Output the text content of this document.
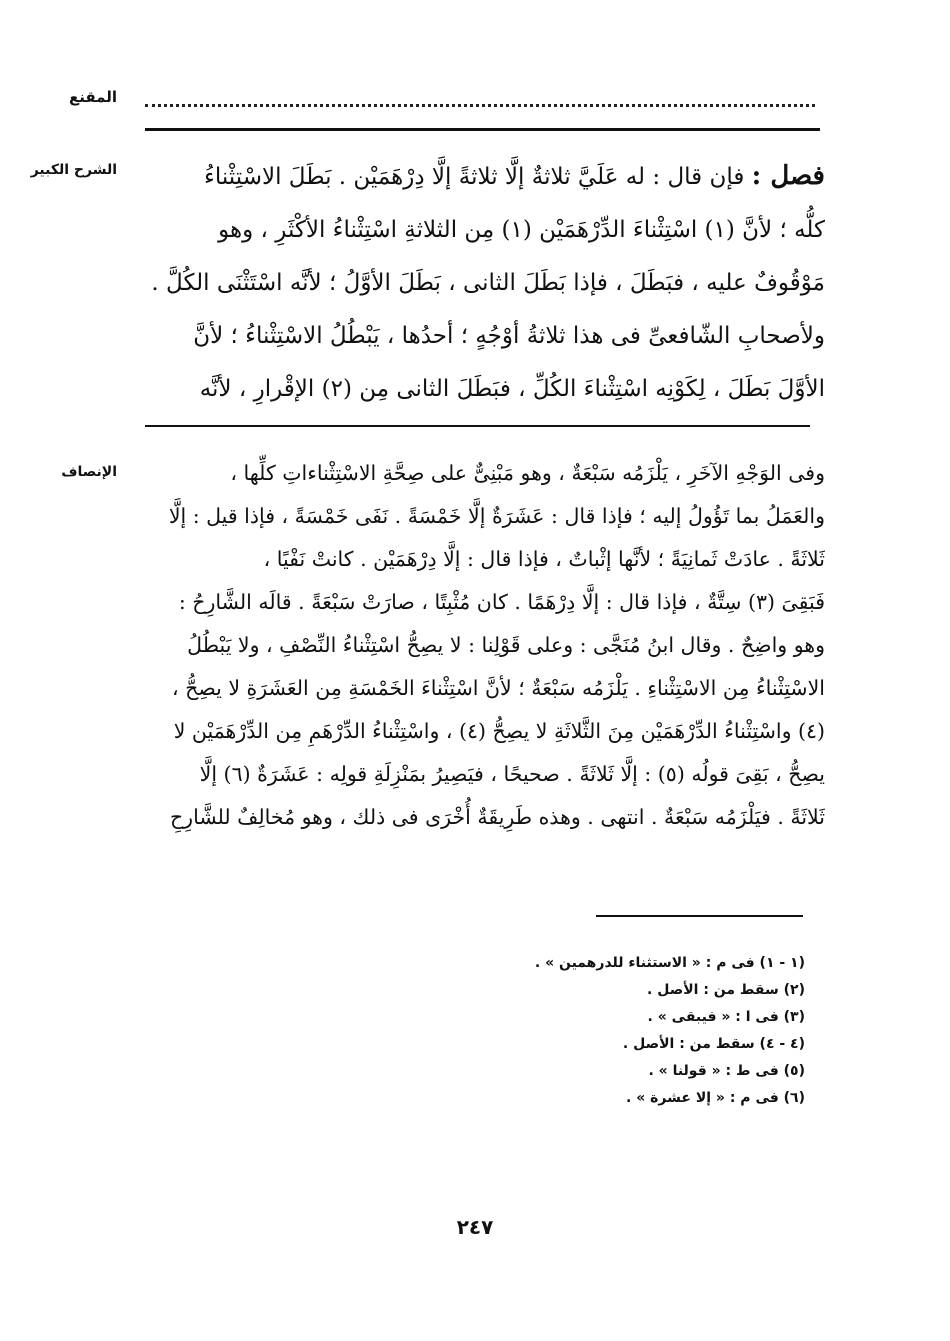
المقنع
الشرح الكبير	فصل : فإن قال : له عَلَيَّ ثلاثةٌ إلَّا ثلاثةً إلَّا دِرْهَمَيْن . بَطَلَ الاسْتِثْناءُ
كلُّه ؛ لأنَّ (١) اسْتِثْناءَ الدِّرْهَمَيْن (١) مِن الثلاثةِ اسْتِثْناءُ الأكْثَرِ ، وهو
مَوْقُوفٌ عليه ، فبَطَلَ ، فإذا بَطَلَ الثانى ، بَطَلَ الأوَّلُ ؛ لأنَّه اسْتَثْنَى الكُلَّ .
ولأصحابِ الشّافعىِّ فى هذا ثلاثةُ أوْجُهٍ ؛ أحدُها ، يَبْطُلُ الاسْتِثْناءُ ؛ لأنَّ
الأوَّلَ بَطَلَ ، لِكَوْنِه اسْتِثْناءَ الكُلِّ ، فبَطَلَ الثانى مِن (٢) الإقْرارِ ، لأنَّه
الإنصاف	وفى الوَجْهِ الآخَرِ ، يَلْزَمُه سَبْعَةٌ ، وهو مَبْنِىٌّ على صِحَّةِ الاسْتِثْناءاتِ كلِّها ،
والعَمَلُ بما تَؤُولُ إليه ؛ فإذا قال : عَشَرَةٌ إلَّا خَمْسَةً . نَفَى خَمْسَةً ، فإذا قيل : إلَّا
ثَلاثَةً . عادَتْ ثَمانِيَةً ؛ لأنَّها إثْباتٌ ، فإذا قال : إلَّا دِرْهَمَيْن . كانتْ نَفْيًا ،
فَبَقِىَ (٣) سِتَّةٌ ، فإذا قال : إلَّا دِرْهَمًا . كان مُثْبِتًا ، صارَتْ سَبْعَةً . قالَه الشَّارِحُ :
وهو واضِحٌ . وقال ابنُ مُنَجَّى : وعلى قَوْلِنا : لا يصِحُّ اسْتِثْناءُ النِّصْفِ ، ولا يَبْطُلُ
الاسْتِثْناءُ مِن الاسْتِثْناءِ . يَلْزَمُه سَبْعَةٌ ؛ لأنَّ اسْتِثْناءَ الخَمْسَةِ مِن العَشَرَةِ لا يصِحُّ ،
(٤) واسْتِثْناءُ الدِّرْهَمَيْن مِنَ الثَّلاثَةِ لا يصِحُّ (٤) ، واسْتِثْناءُ الدِّرْهَمِ مِن الدِّرْهَمَيْن لا
يصِحُّ ، بَقِىَ قولُه (٥) : إلَّا ثَلاثَةً . صحيحًا ، فيَصِيرُ بمَنْزِلَةِ قولِه : عَشَرَةٌ (٦) إلَّا
ثَلاثَةً . فيَلْزَمُه سَبْعَةٌ . انتهى . وهذه طَرِيقَةٌ أُخْرَى فى ذلك ، وهو مُخالِفٌ للشَّارِحِ
(١ - ١) فى م : « الاستثناء للدرهمين » .
(٢) سقط من : الأصل .
(٣) فى ا : « فيبقى » .
(٤ - ٤) سقط من : الأصل .
(٥) فى ط : « قولنا » .
(٦) فى م : « إلا عشرة » .
٢٤٧
